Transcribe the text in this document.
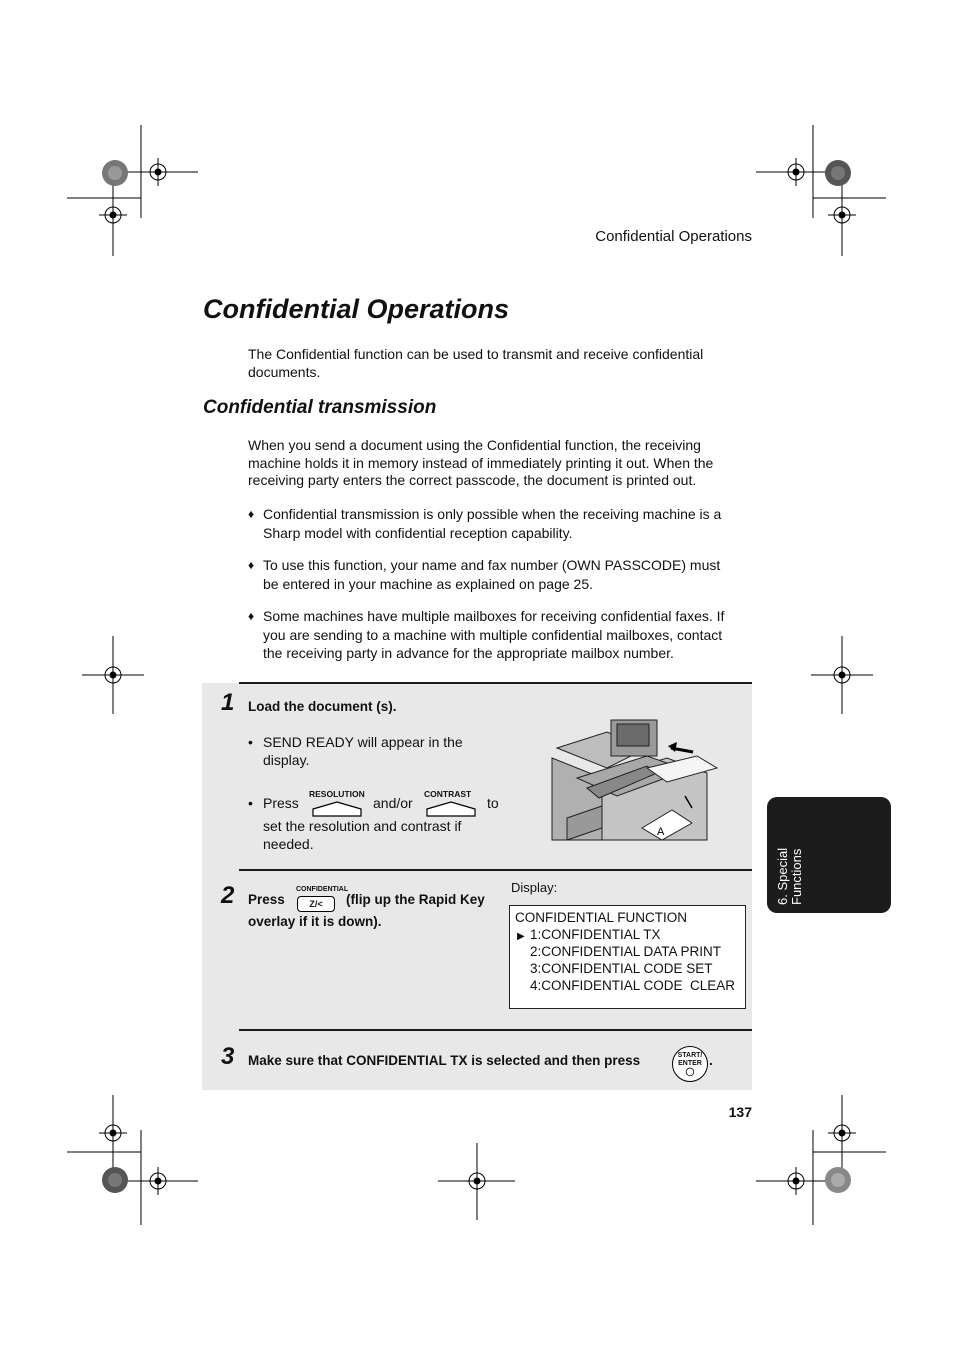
Confidential Operations
Confidential Operations
The Confidential function can be used to transmit and receive confidential documents.
Confidential transmission
When you send a document using the Confidential function, the receiving
machine holds it in memory instead of immediately printing it out. When the
receiving party enters the correct passcode, the document is printed out.
♦ Confidential transmission is only possible when the receiving machine is a Sharp model with confidential reception capability.
♦ To use this function, your name and fax number (OWN PASSCODE) must be entered in your machine as explained on page 25.
♦ Some machines have multiple mailboxes for receiving confidential faxes. If you are sending to a machine with multiple confidential mailboxes, contact the receiving party in advance for the appropriate mailbox number.
1 Load the document (s).
• SEND READY will appear in the display.
• Press
RESOLUTION
and/or
CONTRAST
to
set the resolution and contrast if needed.
A
2 Press
CONFIDENTIAL
Z/<	(flip up the Rapid Key
overlay if it is down).
Display:
CONFIDENTIAL FUNCTION
▶ 1:CONFIDENTIAL TX
2:CONFIDENTIAL DATA PRINT
3:CONFIDENTIAL CODE SET
4:CONFIDENTIAL CODE  CLEAR
3 Make sure that CONFIDENTIAL TX is selected and then press	START/
ENTER
◯
.
6. Special Functions
137
